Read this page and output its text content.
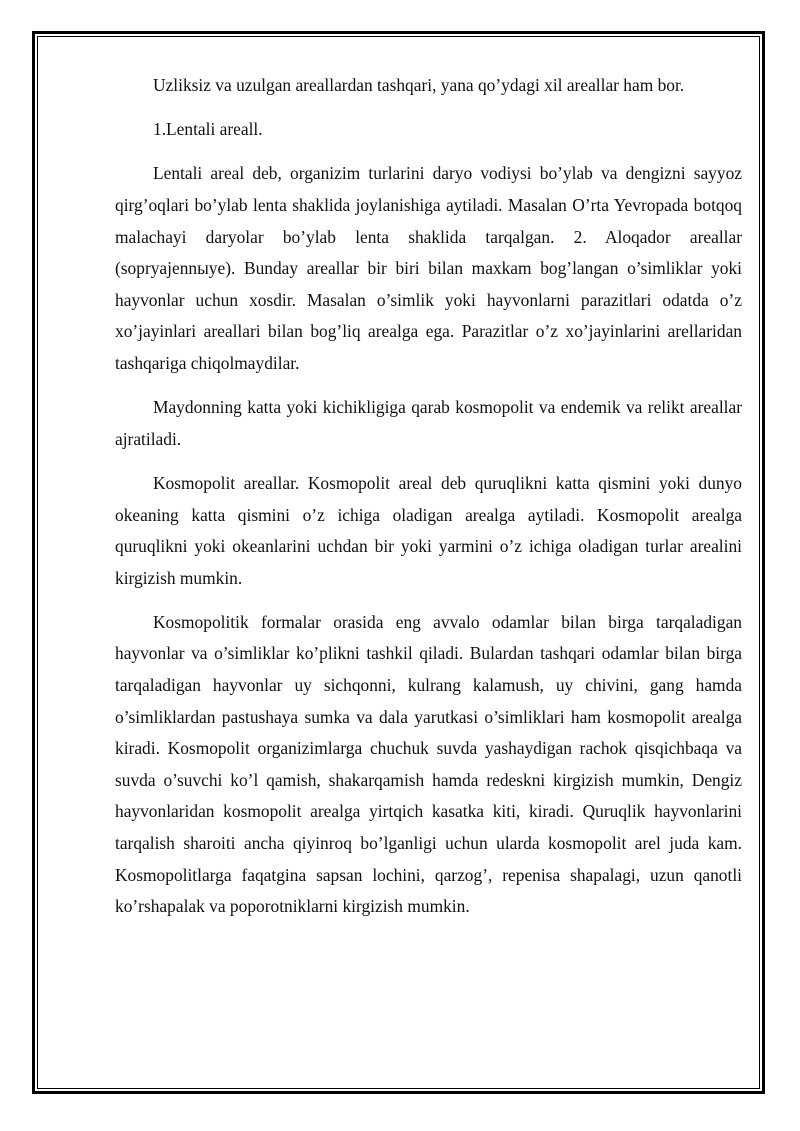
Uzliksiz va uzulgan areallardan tashqari, yana qo’ydagi xil areallar ham bor.

1.Lentali areall.

Lentali areal deb, organizim turlarini daryo vodiysi bo’ylab va dengizni sayyoz qirg’oqlari bo’ylab lenta shaklida joylanishiga aytiladi. Masalan O’rta Yevropada botqoq malachayi daryolar bo’ylab lenta shaklida tarqalgan. 2. Aloqador areallar (sopryajennыye). Bunday areallar bir biri bilan maxkam bog’langan o’simliklar yoki hayvonlar uchun xosdir. Masalan o’simlik yoki hayvonlarni parazitlari odatda o’z xo’jayinlari areallari bilan bog’liq arealga ega. Parazitlar o’z xo’jayinlarini arellaridan tashqariga chiqolmaydilar.

Maydonning katta yoki kichikligiga qarab kosmopolit va endemik va relikt areallar ajratiladi.

Kosmopolit areallar. Kosmopolit areal deb quruqlikni katta qismini yoki dunyo okeaning katta qismini o’z ichiga oladigan arealga aytiladi. Kosmopolit arealga quruqlikni yoki okeanlarini uchdan bir yoki yarmini o’z ichiga oladigan turlar arealini kirgizish mumkin.

Kosmopolitik formalar orasida eng avvalo odamlar bilan birga tarqaladigan hayvonlar va o’simliklar ko’plikni tashkil qiladi. Bulardan tashqari odamlar bilan birga tarqaladigan hayvonlar uy sichqonni, kulrang kalamush, uy chivini, gang hamda o’simliklardan pastushaya sumka va dala yarutkasi o’simliklari ham kosmopolit arealga kiradi. Kosmopolit organizimlarga chuchuk suvda yashaydigan rachok qisqichbaqa va suvda o’suvchi ko’l qamish, shakarqamish hamda redeskni kirgizish mumkin, Dengiz hayvonlaridan kosmopolit arealga yirtqich kasatka kiti, kiradi. Quruqlik hayvonlarini tarqalish sharoiti ancha qiyinroq bo’lganligi uchun ularda kosmopolit arel juda kam. Kosmopolitlarga faqatgina sapsan lochini, qarzog’, repenisa shapalagi, uzun qanotli ko’rshapalak va poporotniklarni kirgizish mumkin.
